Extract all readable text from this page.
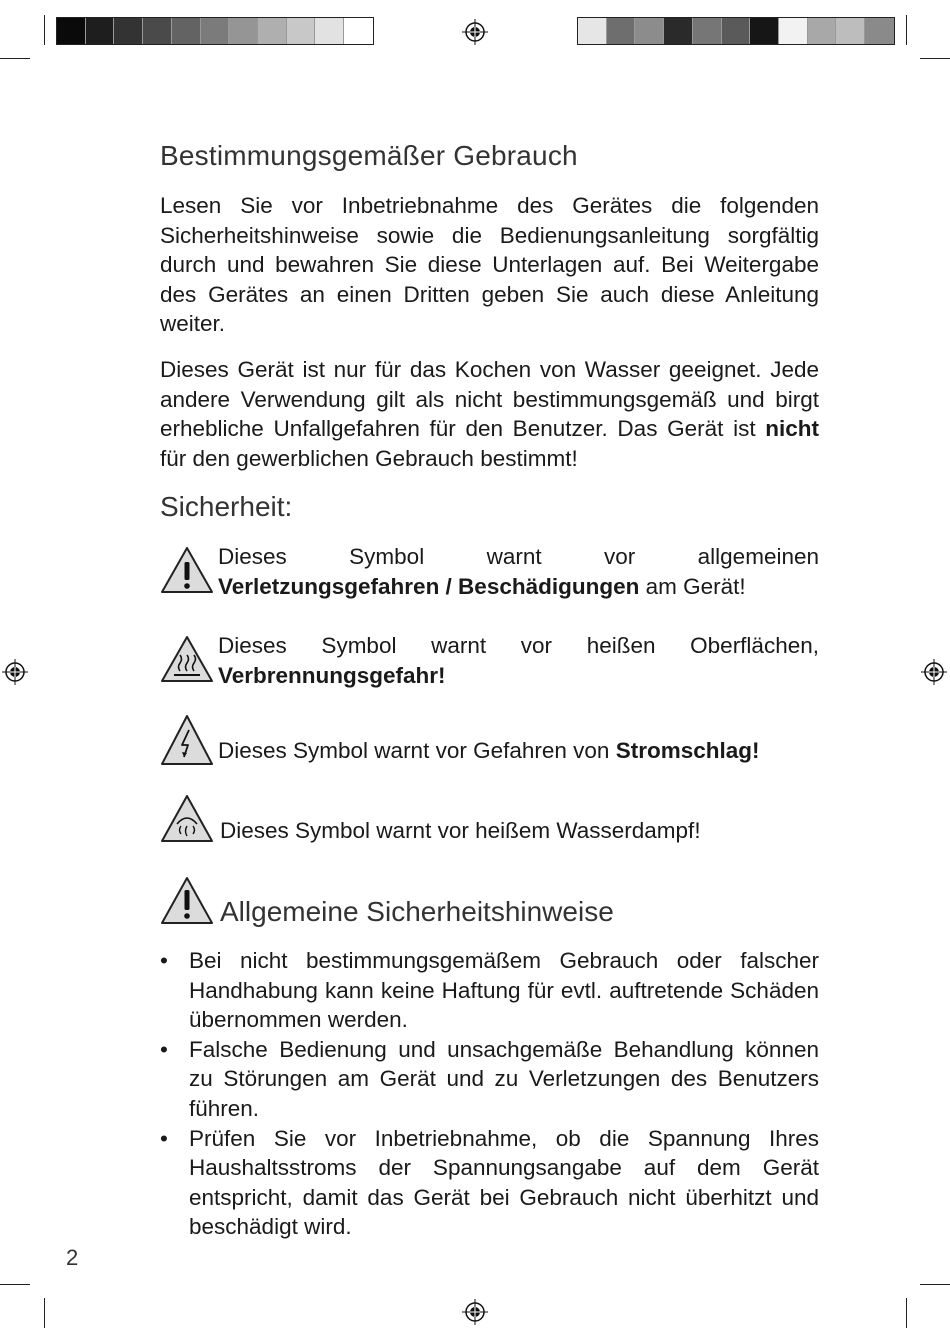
Bestimmungsgemäßer Gebrauch

Lesen Sie vor Inbetriebnahme des Gerätes die folgenden Sicherheitshinweise sowie die Bedienungsanleitung sorgfältig durch und bewahren Sie diese Unterlagen auf. Bei Weitergabe des Gerätes an einen Dritten geben Sie auch diese Anleitung weiter.

Dieses Gerät ist nur für das Kochen von Wasser geeignet. Jede andere Verwendung gilt als nicht bestimmungsgemäß und birgt erhebliche Unfallgefahren für den Benutzer. Das Gerät ist nicht für den gewerblichen Gebrauch bestimmt!

Sicherheit:

Dieses Symbol warnt vor allgemeinen Verletzungsgefahren / Beschädigungen am Gerät!

Dieses Symbol warnt vor heißen Oberflächen, Verbrennungsgefahr!

Dieses Symbol warnt vor Gefahren von Stromschlag!

Dieses Symbol warnt vor heißem Wasserdampf!

Allgemeine Sicherheitshinweise
• Bei nicht bestimmungsgemäßem Gebrauch oder falscher Handhabung kann keine Haftung für evtl. auftretende Schäden übernommen werden.
• Falsche Bedienung und unsachgemäße Behandlung können zu Störungen am Gerät und zu Verletzungen des Benutzers führen.
• Prüfen Sie vor Inbetriebnahme, ob die Spannung Ihres Haushaltsstroms der Spannungsangabe auf dem Gerät entspricht, damit das Gerät bei Gebrauch nicht überhitzt und beschädigt wird.
2
